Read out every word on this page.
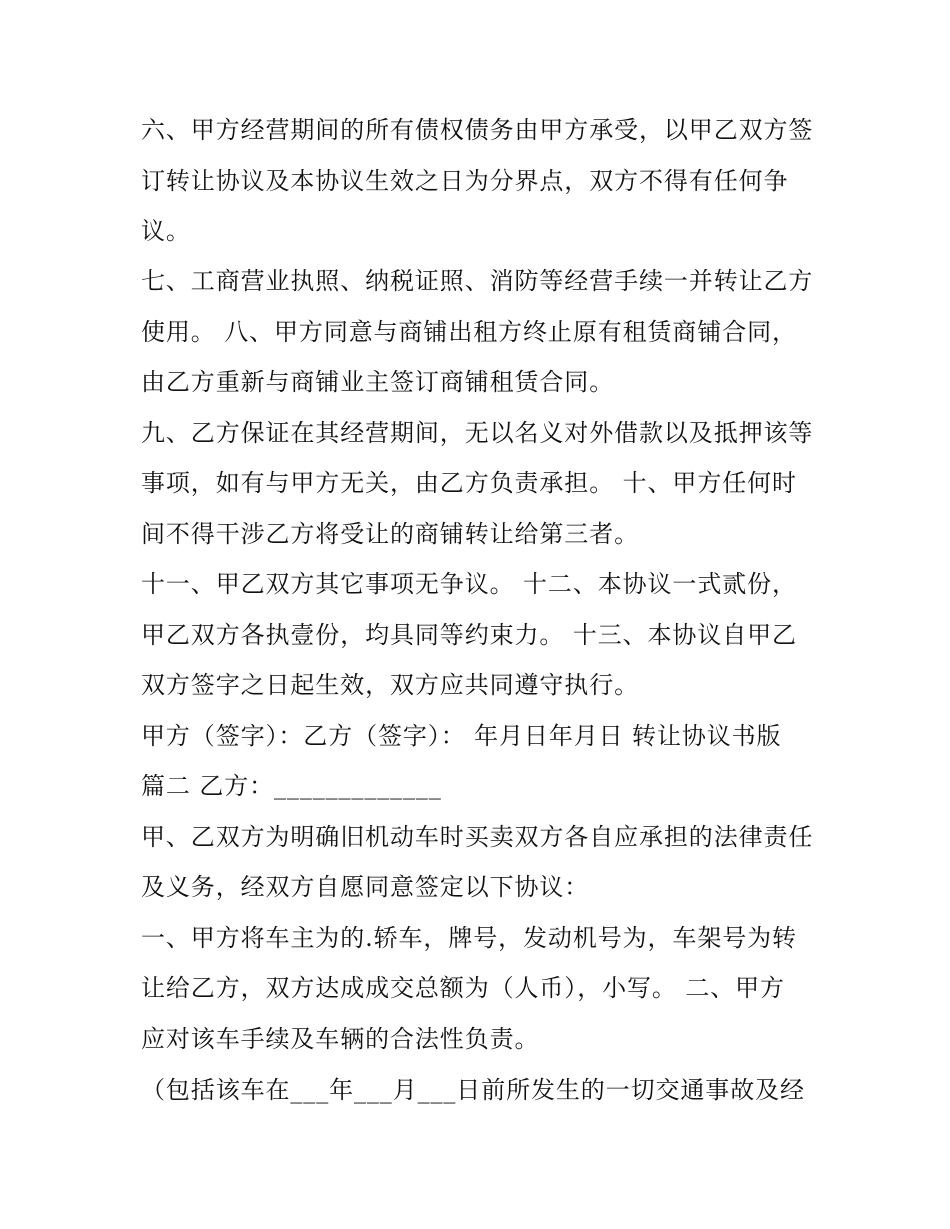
六、甲方经营期间的所有债权债务由甲方承受，以甲乙双方签
订转让协议及本协议生效之日为分界点，双方不得有任何争
议。
七、工商营业执照、纳税证照、消防等经营手续一并转让乙方
使用。 八、甲方同意与商铺出租方终止原有租赁商铺合同，
由乙方重新与商铺业主签订商铺租赁合同。
九、乙方保证在其经营期间，无以名义对外借款以及抵押该等
事项，如有与甲方无关，由乙方负责承担。 十、甲方任何时
间不得干涉乙方将受让的商铺转让给第三者。
十一、甲乙双方其它事项无争议。 十二、本协议一式贰份，
甲乙双方各执壹份，均具同等约束力。 十三、本协议自甲乙
双方签字之日起生效，双方应共同遵守执行。
甲方（签字）：乙方（签字）： 年月日年月日 转让协议书版
篇二 乙方：_____________
甲、乙双方为明确旧机动车时买卖双方各自应承担的法律责任
及义务，经双方自愿同意签定以下协议：
一、甲方将车主为的.轿车，牌号，发动机号为，车架号为转
让给乙方，双方达成成交总额为（人币），小写。 二、甲方
应对该车手续及车辆的合法性负责。
（包括该车在___年___月___日前所发生的一切交通事故及经
